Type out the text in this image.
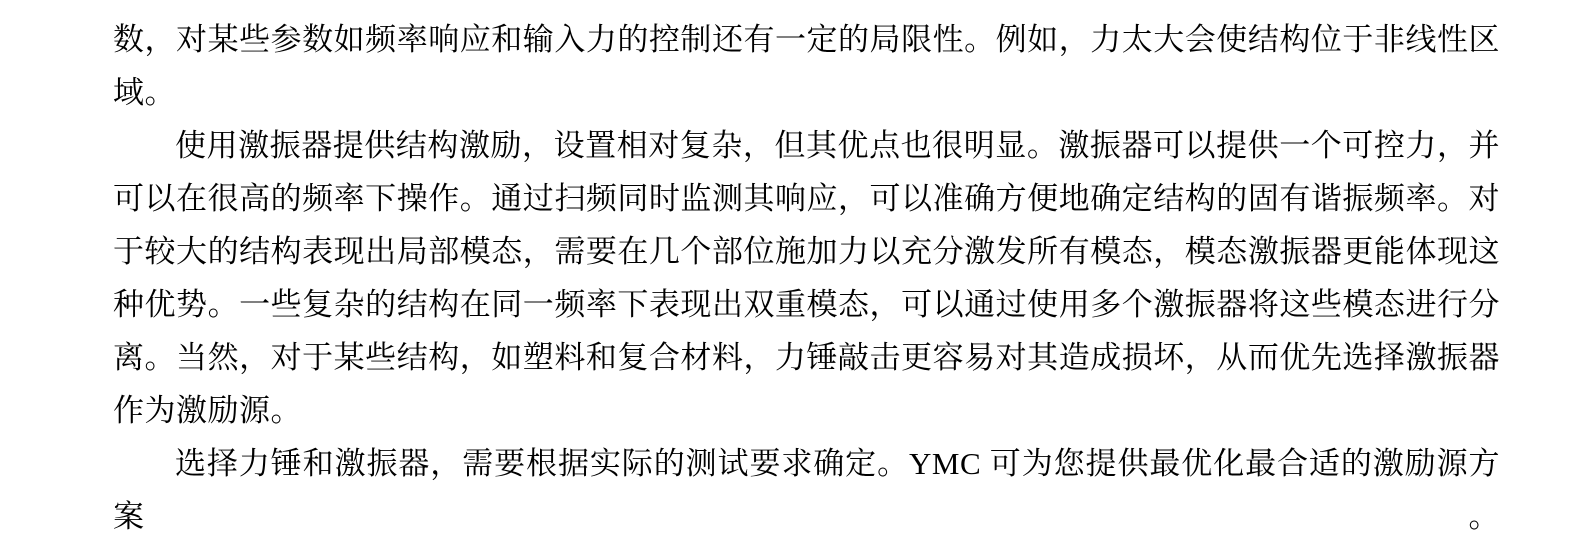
数，对某些参数如频率响应和输入力的控制还有一定的局限性。例如，力太大会使结构位于非线性区
域。
使用激振器提供结构激励，设置相对复杂，但其优点也很明显。激振器可以提供一个可控力，并
可以在很高的频率下操作。通过扫频同时监测其响应，可以准确方便地确定结构的固有谐振频率。对
于较大的结构表现出局部模态，需要在几个部位施加力以充分激发所有模态，模态激振器更能体现这
种优势。一些复杂的结构在同一频率下表现出双重模态，可以通过使用多个激振器将这些模态进行分
离。当然，对于某些结构，如塑料和复合材料，力锤敲击更容易对其造成损坏，从而优先选择激振器
作为激励源。
选择力锤和激振器，需要根据实际的测试要求确定。YMC 可为您提供最优化最合适的激励源方案。
